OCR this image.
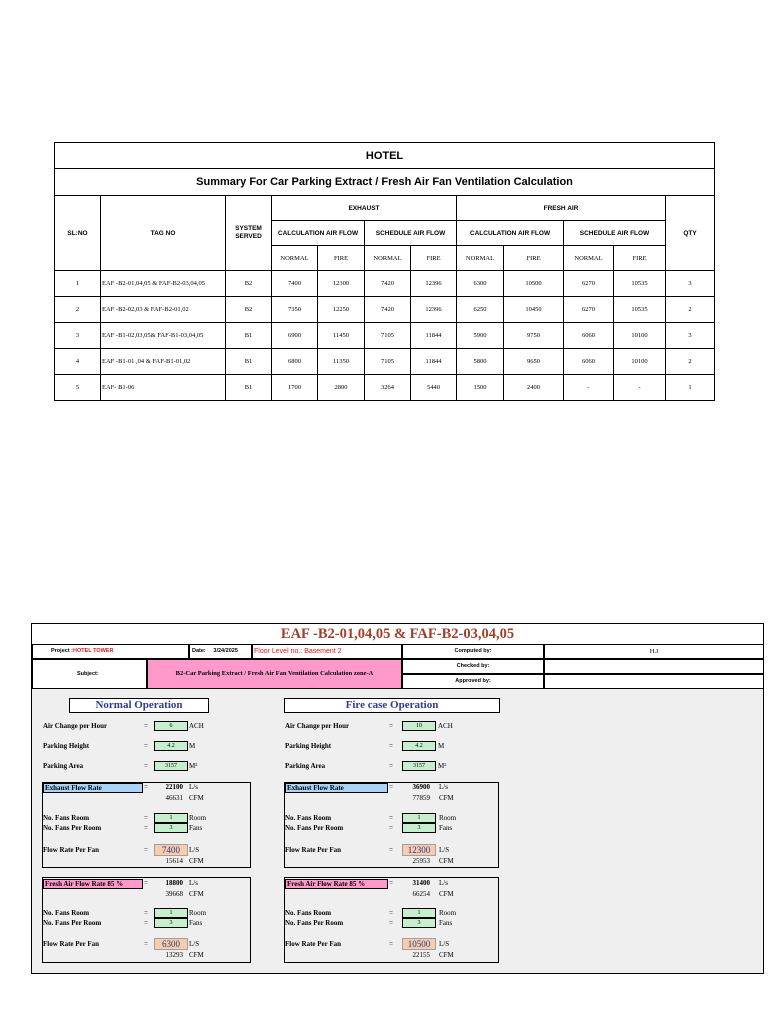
HOTEL											
Summary For Car Parking Extract / Fresh Air Fan Ventilation Calculation											
SL:NO	TAG NO	SYSTEM SERVED	EXHAUST				FRESH AIR				QTY
			CALCULATION AIR FLOW		SCHEDULE AIR FLOW		CALCULATION AIR FLOW		SCHEDULE AIR FLOW		
			NORMAL	FIRE	NORMAL	FIRE	NORMAL	FIRE	NORMAL	FIRE	
1	EAF -B2-01,04,05 & FAF-B2-03,04,05	B2	7400	12300	7420	12396	6300	10500	6270	10535	3
2	EAF -B2-02,03 & FAF-B2-01,02	B2	7350	12250	7420	12396	6250	10450	6270	10535	2
3	EAF -B1-02,03,05& FAF-B1-03,04,05	B1	6900	11450	7105	11844	5900	9750	6060	10100	3
4	EAF -B1-01 ,04 & FAF-B1-01,02	B1	6800	11350	7105	11844	5800	9650	6060	10100	2
5	EAF- B1-06	B1	1700	2800	3264	5440	1500	2400	-	-	1
EAF -B2-01,04,05 & FAF-B2-03,04,05
Project :HOTEL TOWER	Date: 3/24/2025	Floor Level no.: Basement 2	Computed by:	H.I
Subject:	B2-Car Parking Extract / Fresh Air Fan Ventilation Calculation zone-A
Checked by:
Approved by:
Normal Operation	Fire case Operation
Air Change per Hour	=	6	ACH
Parking Height	=	4.2	M
Parking Area	=	3157	M²
Exhaust Flow Rate	=	22100 L/s
46631 CFM
No. Fans Room	=	1	Room
No. Fans Per Room	=	3	Fans
Flow Rate Per Fan	=	7400	L/S
15614 CFM
Fresh Air Flow Rate 85 %	=	18800 L/s
39668 CFM
No. Fans Room	=	1	Room
No. Fans Per Room	=	3	Fans
Flow Rate Per Fan	=	6300	L/S
13293 CFM
Air Change per Hour	=	10	ACH
Parking Height	=	4.2	M
Parking Area	=	3157	M²
Exhaust Flow Rate	=	36900 L/s
77859 CFM
No. Fans Room	=	1	Room
No. Fans Per Room	=	3	Fans
Flow Rate Per Fan	=	12300	L/S
25953 CFM
Fresh Air Flow Rate 85 %	=	31400 L/s
66254 CFM
No. Fans Room	=	1	Room
No. Fans Per Room	=	3	Fans
Flow Rate Per Fan	=	10500	L/S
22155 CFM
